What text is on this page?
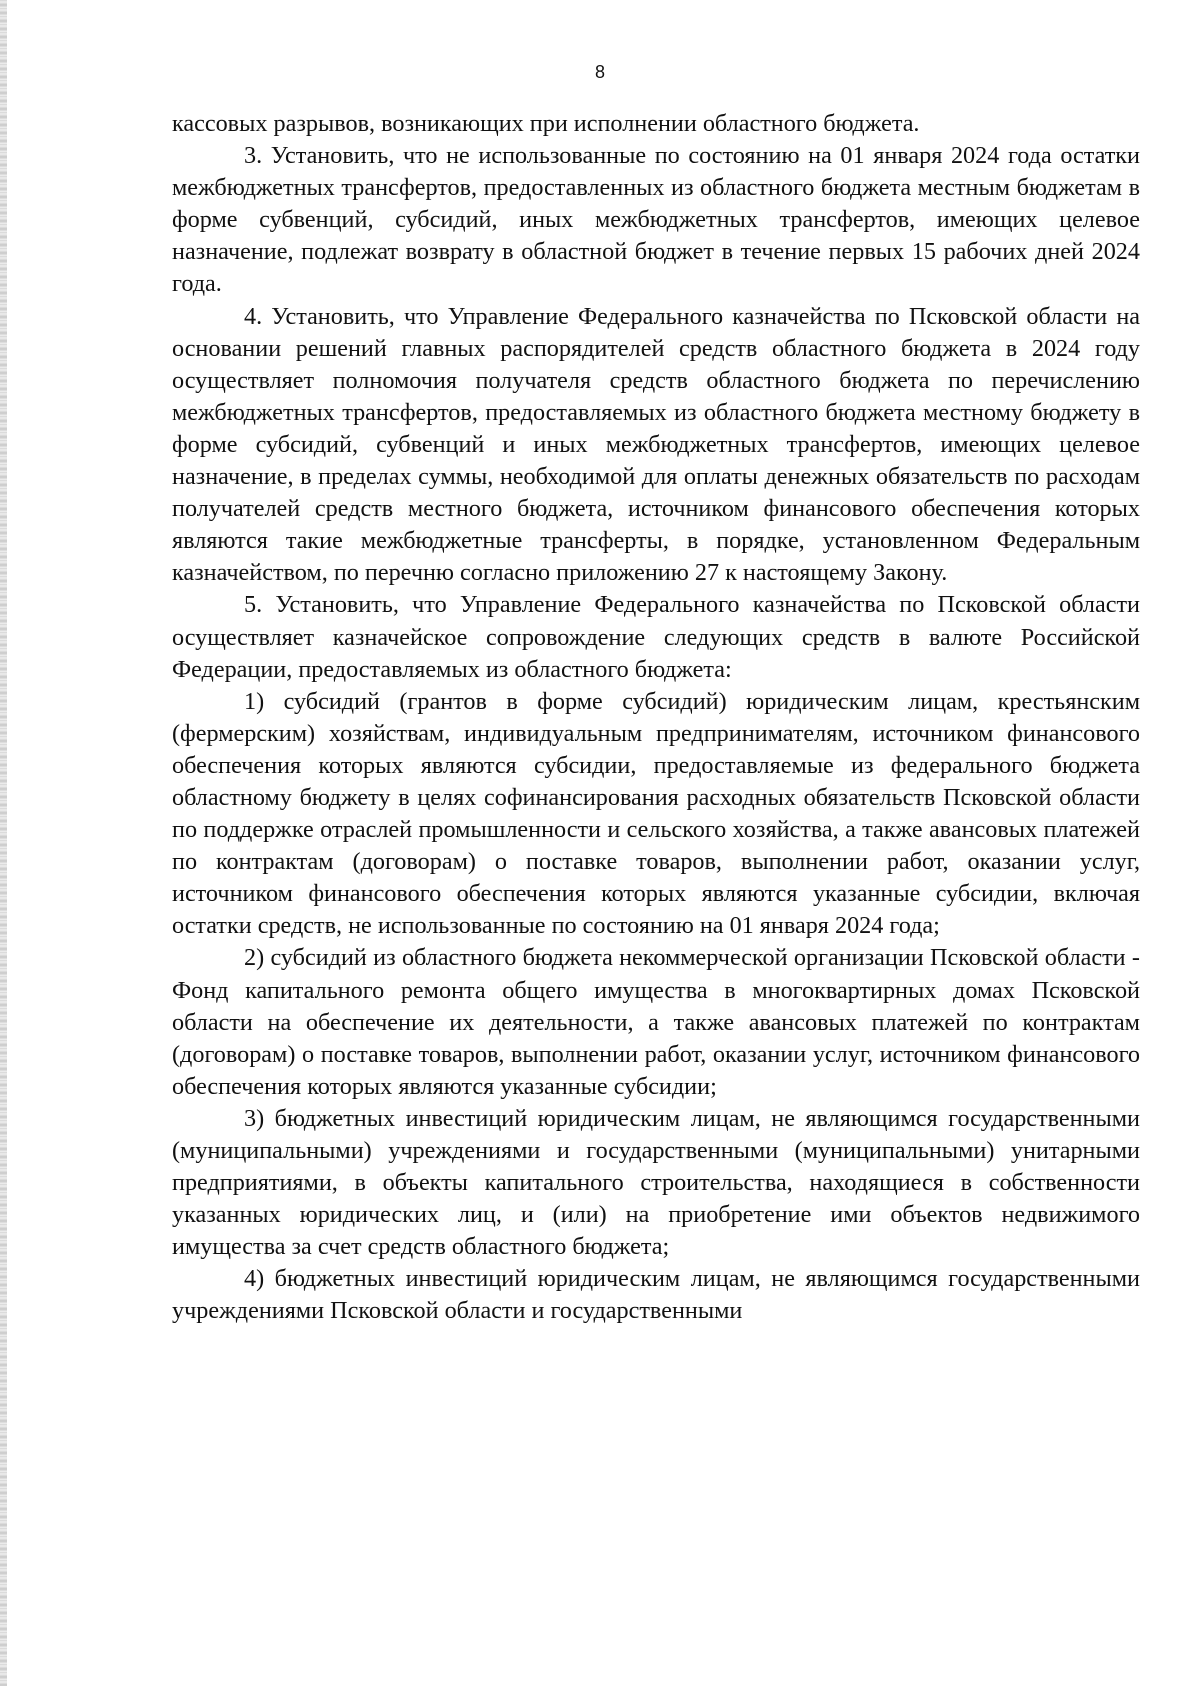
8

кассовых разрывов, возникающих при исполнении областного бюджета.

3. Установить, что не использованные по состоянию на 01 января 2024 года остатки межбюджетных трансфертов, предоставленных из областного бюджета местным бюджетам в форме субвенций, субсидий, иных межбюджетных трансфертов, имеющих целевое назначение, подлежат возврату в областной бюджет в течение первых 15 рабочих дней 2024 года.

4. Установить, что Управление Федерального казначейства по Псковской области на основании решений главных распорядителей средств областного бюджета в 2024 году осуществляет полномочия получателя средств областного бюджета по перечислению межбюджетных трансфертов, предоставляемых из областного бюджета местному бюджету в форме субсидий, субвенций и иных межбюджетных трансфертов, имеющих целевое назначение, в пределах суммы, необходимой для оплаты денежных обязательств по расходам получателей средств местного бюджета, источником финансового обеспечения которых являются такие межбюджетные трансферты, в порядке, установленном Федеральным казначейством, по перечню согласно приложению 27 к настоящему Закону.

5. Установить, что Управление Федерального казначейства по Псковской области осуществляет казначейское сопровождение следующих средств в валюте Российской Федерации, предоставляемых из областного бюджета:

1) субсидий (грантов в форме субсидий) юридическим лицам, крестьянским (фермерским) хозяйствам, индивидуальным предпринимателям, источником финансового обеспечения которых являются субсидии, предоставляемые из федерального бюджета областному бюджету в целях софинансирования расходных обязательств Псковской области по поддержке отраслей промышленности и сельского хозяйства, а также авансовых платежей по контрактам (договорам) о поставке товаров, выполнении работ, оказании услуг, источником финансового обеспечения которых являются указанные субсидии, включая остатки средств, не использованные по состоянию на 01 января 2024 года;

2) субсидий из областного бюджета некоммерческой организации Псковской области - Фонд капитального ремонта общего имущества в многоквартирных домах Псковской области на обеспечение их деятельности, а также авансовых платежей по контрактам (договорам) о поставке товаров, выполнении работ, оказании услуг, источником финансового обеспечения которых являются указанные субсидии;

3) бюджетных инвестиций юридическим лицам, не являющимся государственными (муниципальными) учреждениями и государственными (муниципальными) унитарными предприятиями, в объекты капитального строительства, находящиеся в собственности указанных юридических лиц, и (или) на приобретение ими объектов недвижимого имущества за счет средств областного бюджета;

4) бюджетных инвестиций юридическим лицам, не являющимся государственными учреждениями Псковской области и государственными
